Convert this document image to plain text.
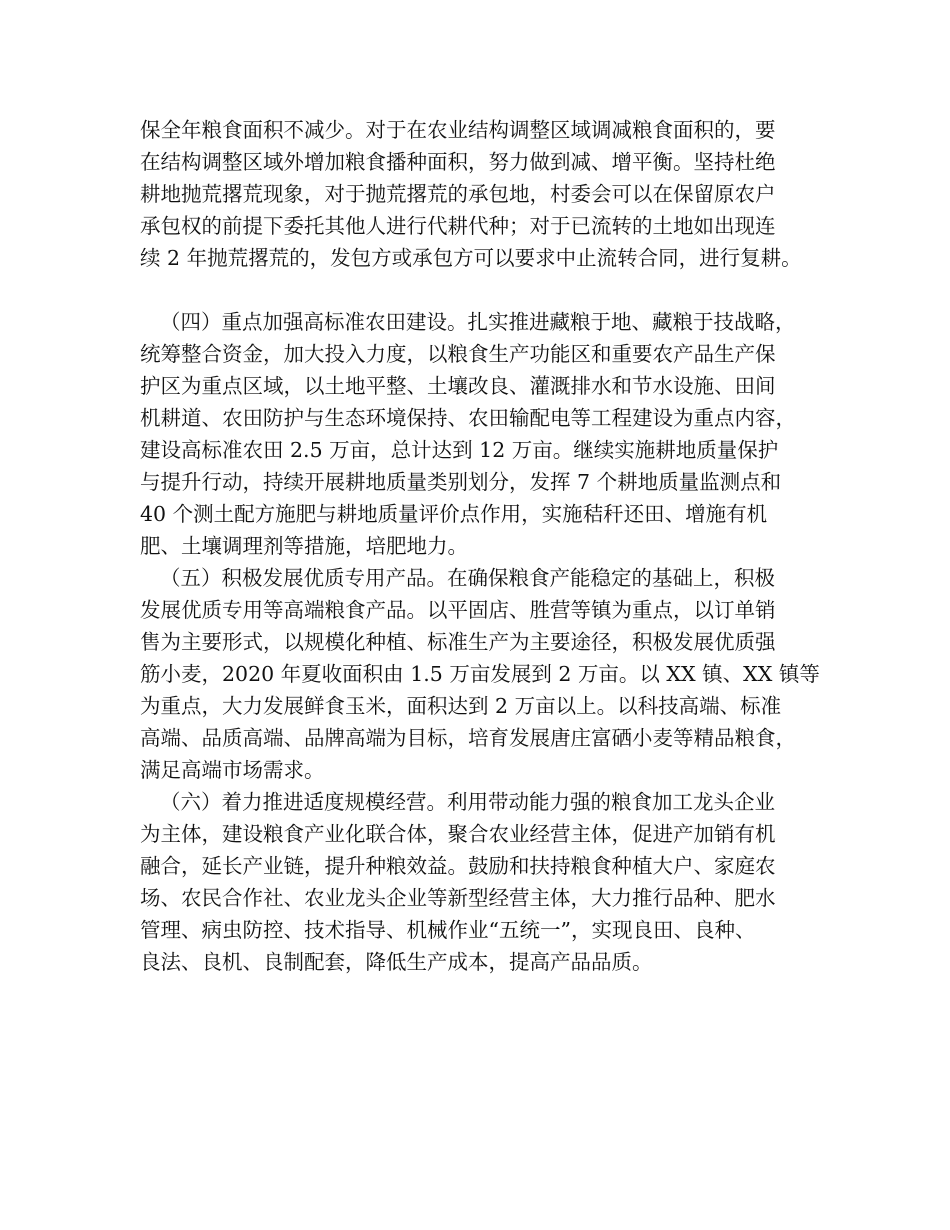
保全年粮食面积不减少。对于在农业结构调整区域调减粮食面积的，要

在结构调整区域外增加粮食播种面积，努力做到减、增平衡。坚持杜绝

耕地抛荒撂荒现象，对于抛荒撂荒的承包地，村委会可以在保留原农户

承包权的前提下委托其他人进行代耕代种；对于已流转的土地如出现连

续 2 年抛荒撂荒的，发包方或承包方可以要求中止流转合同，进行复耕。

（四）重点加强高标准农田建设。扎实推进藏粮于地、藏粮于技战略，

统筹整合资金，加大投入力度，以粮食生产功能区和重要农产品生产保

护区为重点区域，以土地平整、土壤改良、灌溉排水和节水设施、田间

机耕道、农田防护与生态环境保持、农田输配电等工程建设为重点内容，

建设高标准农田 2.5 万亩，总计达到 12 万亩。继续实施耕地质量保护

与提升行动，持续开展耕地质量类别划分，发挥 7 个耕地质量监测点和

40 个测土配方施肥与耕地质量评价点作用，实施秸秆还田、增施有机

肥、土壤调理剂等措施，培肥地力。

（五）积极发展优质专用产品。在确保粮食产能稳定的基础上，积极

发展优质专用等高端粮食产品。以平固店、胜营等镇为重点，以订单销

售为主要形式，以规模化种植、标准生产为主要途径，积极发展优质强

筋小麦，2020 年夏收面积由 1.5 万亩发展到 2 万亩。以 XX 镇、XX 镇等

为重点，大力发展鲜食玉米，面积达到 2 万亩以上。以科技高端、标准

高端、品质高端、品牌高端为目标，培育发展唐庄富硒小麦等精品粮食，

满足高端市场需求。

（六）着力推进适度规模经营。利用带动能力强的粮食加工龙头企业

为主体，建设粮食产业化联合体，聚合农业经营主体，促进产加销有机

融合，延长产业链，提升种粮效益。鼓励和扶持粮食种植大户、家庭农

场、农民合作社、农业龙头企业等新型经营主体，大力推行品种、肥水

管理、病虫防控、技术指导、机械作业“五统一”，实现良田、良种、

良法、良机、良制配套，降低生产成本，提高产品品质。
